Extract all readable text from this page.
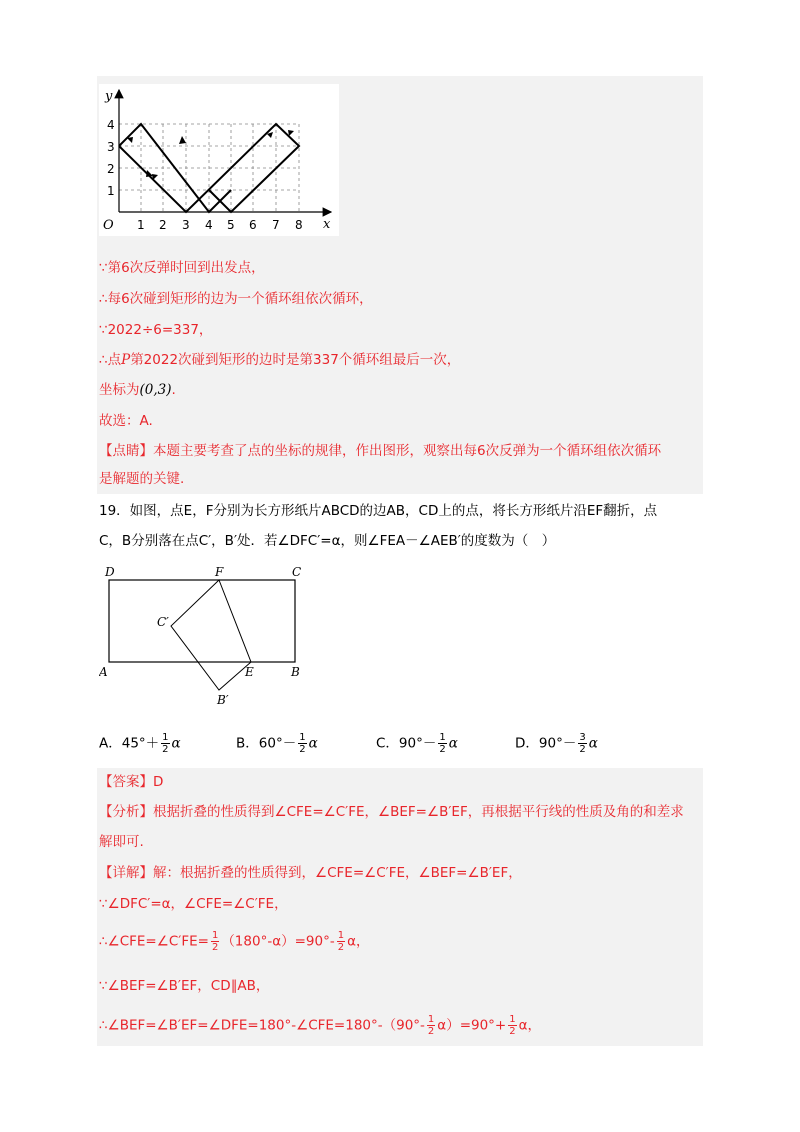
y
x
O
4
3
2
1
1 2 3 4 5 6 7 8
∵第6次反弹时回到出发点，
∴每6次碰到矩形的边为一个循环组依次循环，
∵2022÷6=337，
∴点P第2022次碰到矩形的边时是第337个循环组最后一次，
坐标为(0,3).
故选：A.
【点睛】本题主要考查了点的坐标的规律，作出图形，观察出每6次反弹为一个循环组依次循环
是解题的关键.
19．如图，点E，F分别为长方形纸片ABCD的边AB，CD上的点，将长方形纸片沿EF翻折，点
C，B分别落在点C′，B′处．若∠DFC′=α，则∠FEA－∠AEB′的度数为（　）
D	F	C
C′
A	E	B
B′
A．$45^\circ+ \frac{1}{2}$ α	B．$60^\circ- \frac{1}{2}$ α	C．$90^\circ- \frac{1}{2}$ α	D．$90^\circ- \frac{3}{2}$ α
【答案】D
【分析】根据折叠的性质得到∠CFE=∠C′FE，∠BEF=∠B′EF，再根据平行线的性质及角的和差求
解即可.
【详解】解：根据折叠的性质得到，∠CFE=∠C′FE，∠BEF=∠B′EF，
∵∠DFC′=α，∠CFE=∠C′FE，
∴∠CFE=∠C′FE= $\frac{1}{2} (180^\circ-\alpha)=90^\circ- \frac{1}{2}$ α，
∵∠BEF=∠B′EF，CD∥AB，
∴∠BEF=∠B′EF=∠DFE=180°-∠CFE=180°-（90°- $\frac{1}{2} \alpha)=90^\circ+ \frac{1}{2}$ α，
